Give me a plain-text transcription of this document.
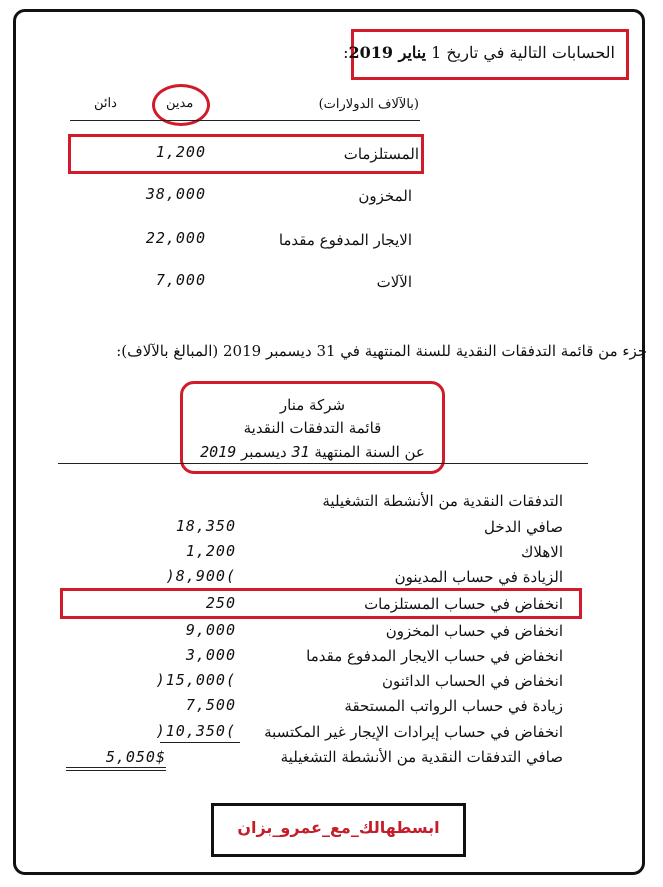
الحسابات التالية في تاريخ 1 يناير 2019:
(بالآلاف الدولارات)
مدين
دائن
المستلزمات
1,200
المخزون
38,000
الايجار المدفوع مقدما
22,000
الآلات
7,000
جزء من قائمة التدفقات النقدية للسنة المنتهية في 31 ديسمبر 2019 (المبالغ بالآلاف):
شركة منار
قائمة التدفقات النقدية
عن السنة المنتهية 31 ديسمبر 2019
التدفقات النقدية من الأنشطة التشغيلية
صافي الدخل
18,350
الاهلاك
1,200
الزيادة في حساب المدينون
)8,900(
انخفاض في حساب المستلزمات
250
انخفاض في حساب المخزون
9,000
انخفاض في حساب الايجار المدفوع مقدما
3,000
انخفاض في الحساب الدائنون
)15,000(
زيادة في حساب الرواتب المستحقة
7,500
انخفاض في حساب إيرادات الإيجار غير المكتسبة
)10,350(
صافي التدفقات النقدية من الأنشطة التشغيلية
5,050$
ابسطهالك_مع_عمرو_بزان
